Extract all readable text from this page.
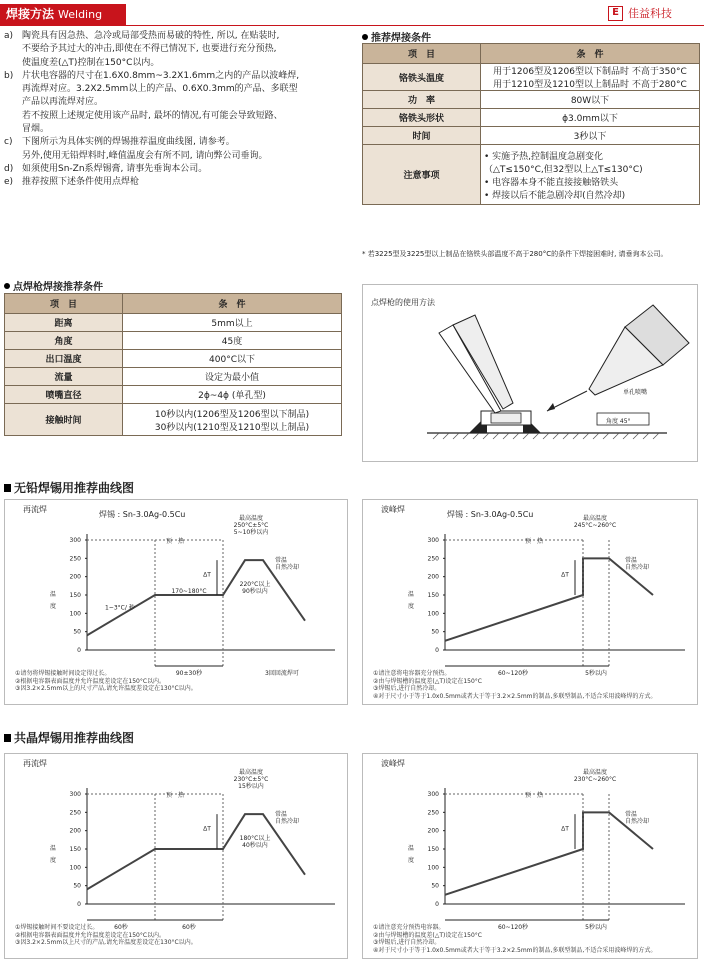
焊接方法 Welding	E 佳益科技
a) 陶瓷具有因急热、急冷或局部受热而易破的特性, 所以, 在贴装时,
不要给予其过大的冲击,即使在不得已情况下, 也要进行充分预热,
使温度差(△T)控制在150°C以内。
b) 片状电容器的尺寸在1.6X0.8mm~3.2X1.6mm之内的产品以波峰焊,
再流焊对应。3.2X2.5mm以上的产品、0.6X0.3mm的产品、多联型
产品以再流焊对应。
若不按照上述规定使用该产品时, 最坏的情况,有可能会导致短路、
冒烟。
c)	下图所示为具体实例的焊锡推荐温度曲线图, 请参考。
另外,使用无铅焊料时,峰值温度会有所不同, 请向弊公司垂询。
d) 如须使用Sn-Zn系焊锡膏, 请事先垂询本公司。
e) 推荐按照下述条件使用点焊枪
推荐焊接条件
项　目	条　件
铬铁头温度	用于1206型及1206型以下制品时 不高于350°C
用于1210型及1210型以上制品时 不高于280°C

功　率	80W以下

铬铁头形状	ϕ3.0mm以下

时间	3秒以下

注意事项	• 实施予热,控制温度急剧变化
（△T≤150°C,但32型以上△T≤130°C)
• 电容器本身不能直接接触铬铁头
• 焊接以后不能急剧冷却(自然冷却)
* 若3225型及3225型以上制品在铬铁头部温度不高于280°C的条件下焊接困难时, 请垂询本公司。
点焊枪焊接推荐条件
项　目	条　件
距离	5mm以上

角度	45度

出口温度	400°C以下

流量	设定为最小值

喷嘴直径	2ϕ~4ϕ (单孔型)

接触时间	10秒以内(1206型及1206型以下制品)
30秒以内(1210型及1210型以上制品)
点焊枪的使用方法
单孔喷嘴
角度 45°
无铅焊锡用推荐曲线图
再流焊
焊锡 : Sn-3.0Ag-0.5Cu
300
250
200
150
100
50
0
温
度
预　热
最高温度
250°C±5°C
5~10秒以内
常温
自然冷却
ΔT
1~3°C/ 秒
170~180°C
220°C以上
90秒以内
90±30秒	3回回流焊可
①请勿将焊锡接触时间设定得过长。
②根据电容器表面温度并允许温度差设定在150°C以内。
③因3.2×2.5mm以上的尺寸产品,请允许温度差设定在130°C以内。
波峰焊
焊锡 : Sn-3.0Ag-0.5Cu
300
250
200
150
100
50
0
温
度
预　热
最高温度
245°C~260°C
常温
自然冷却
ΔT
60~120秒	5秒以内
①请注意将电容器充分预热。
②由与焊锡槽的温度差(△T)设定在150°C
③焊锡后,进行自然冷却。
④对于尺寸小于等于1.0x0.5mm或者大于等于3.2×2.5mm的制品,多联型制品,不适合采用波峰焊的方式。
共晶焊锡用推荐曲线图
再流焊
300
250
200
150
100
50
0
温
度
预　热
最高温度
230°C±5°C
15秒以内
常温
自然冷却
ΔT
180°C以上
40秒以内
60秒
60秒
①焊锡接触时间不要设定过长。
②根据电容器表面温度并允许温度差设定在150°C以内。
③因3.2×2.5mm以上尺寸的产品,请允许温度差设定在130°C以内。
波峰焊
300
250
200
150
100
50
0
温
度
预　热
最高温度
230°C~260°C
常温
自然冷却
ΔT
60~120秒	5秒以内
①请注意充分预热电容器。
②由与焊锡槽的温度差(△T)设定在150°C
③焊锡后,进行自然冷却。
④对于尺寸小于等于1.0x0.5mm或者大于等于3.2×2.5mm的制品,多联型制品,不适合采用波峰焊的方式。
